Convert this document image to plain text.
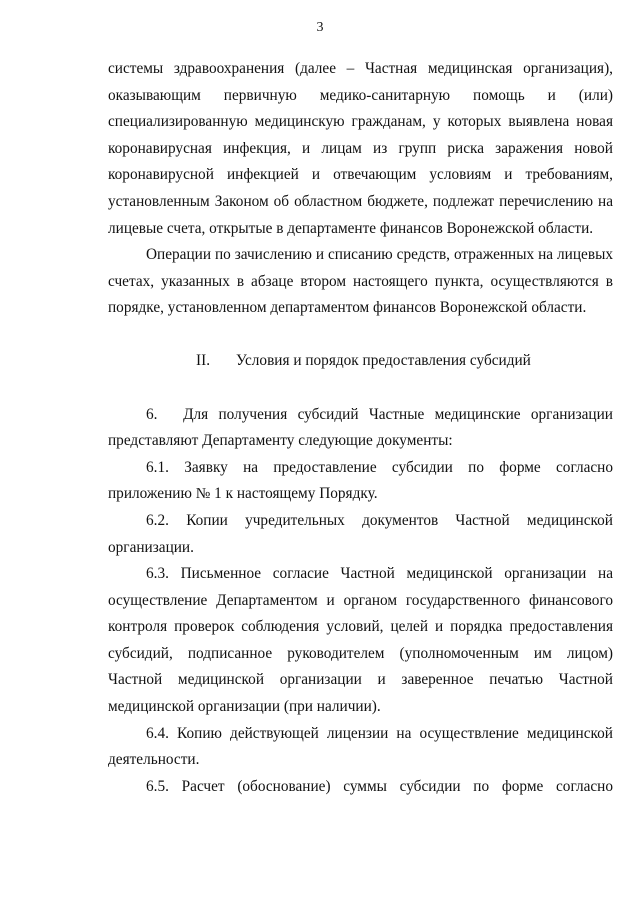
3

системы здравоохранения (далее – Частная медицинская организация), оказывающим первичную медико-санитарную помощь и (или) специализированную медицинскую гражданам, у которых выявлена новая коронавирусная инфекция, и лицам из групп риска заражения новой коронавирусной инфекцией и отвечающим условиям и требованиям, установленным Законом об областном бюджете, подлежат перечислению на лицевые счета, открытые в департаменте финансов Воронежской области.

Операции по зачислению и списанию средств, отраженных на лицевых счетах, указанных в абзаце втором настоящего пункта, осуществляются в порядке, установленном департаментом финансов Воронежской области.

II. Условия и порядок предоставления субсидий

6.  Для получения субсидий Частные медицинские организации представляют Департаменту следующие документы:

6.1. Заявку на предоставление субсидии по форме согласно приложению № 1 к настоящему Порядку.

6.2. Копии учредительных документов Частной медицинской организации.

6.3. Письменное согласие Частной медицинской организации на осуществление Департаментом и органом государственного финансового контроля проверок соблюдения условий, целей и порядка предоставления субсидий, подписанное руководителем (уполномоченным им лицом) Частной медицинской организации и заверенное печатью Частной медицинской организации (при наличии).

6.4. Копию действующей лицензии на осуществление медицинской деятельности.

6.5. Расчет (обоснование) суммы субсидии по форме согласно
